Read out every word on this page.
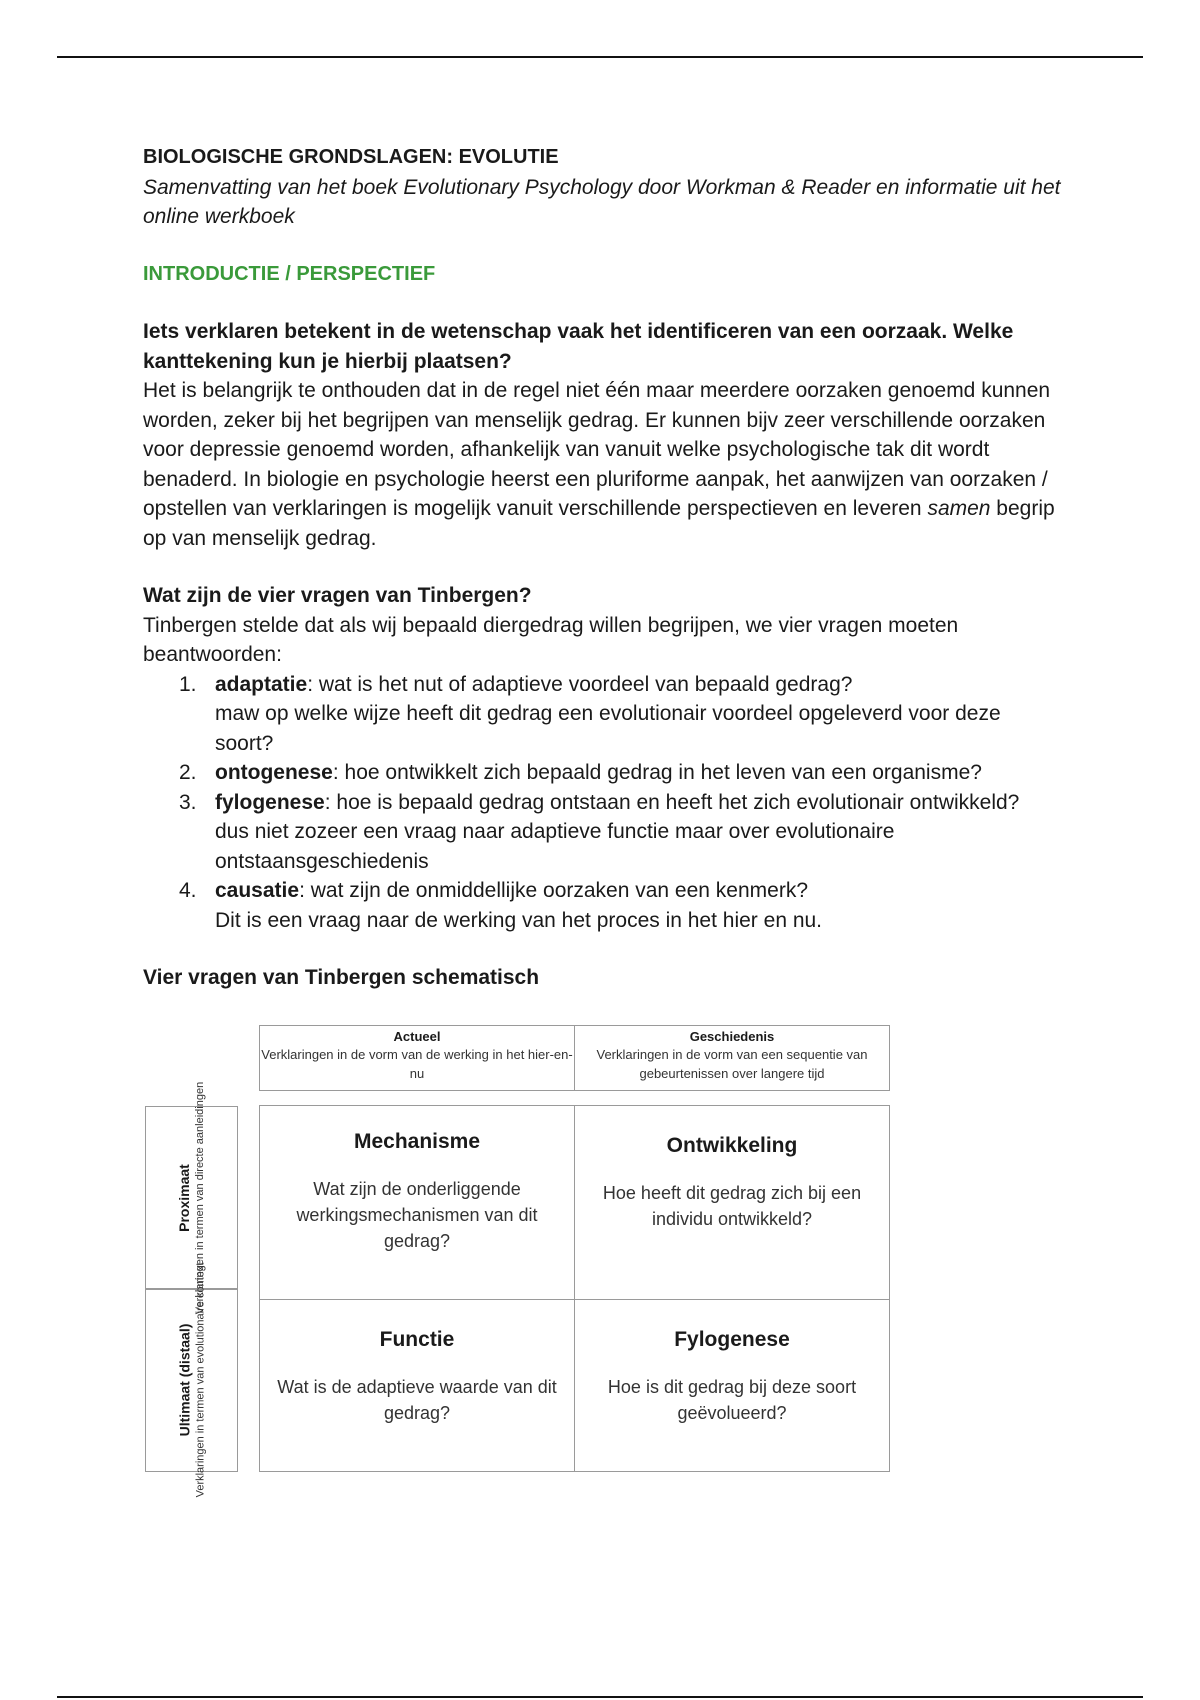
BIOLOGISCHE GRONDSLAGEN: EVOLUTIE

Samenvatting van het boek Evolutionary Psychology door Workman & Reader en informatie uit het online werkboek

INTRODUCTIE / PERSPECTIEF

Iets verklaren betekent in de wetenschap vaak het identificeren van een oorzaak. Welke kanttekening kun je hierbij plaatsen?

Het is belangrijk te onthouden dat in de regel niet één maar meerdere oorzaken genoemd kunnen worden, zeker bij het begrijpen van menselijk gedrag. Er kunnen bijv zeer verschillende oorzaken voor depressie genoemd worden, afhankelijk van vanuit welke psychologische tak dit wordt benaderd. In biologie en psychologie heerst een pluriforme aanpak, het aanwijzen van oorzaken / opstellen van verklaringen is mogelijk vanuit verschillende perspectieven en leveren samen begrip op van menselijk gedrag.

Wat zijn de vier vragen van Tinbergen?

Tinbergen stelde dat als wij bepaald diergedrag willen begrijpen, we vier vragen moeten beantwoorden:

1. adaptatie: wat is het nut of adaptieve voordeel van bepaald gedrag?
maw op welke wijze heeft dit gedrag een evolutionair voordeel opgeleverd voor deze soort?
2. ontogenese: hoe ontwikkelt zich bepaald gedrag in het leven van een organisme?
3. fylogenese: hoe is bepaald gedrag ontstaan en heeft het zich evolutionair ontwikkeld?
dus niet zozeer een vraag naar adaptieve functie maar over evolutionaire ontstaansgeschiedenis
4. causatie: wat zijn de onmiddellijke oorzaken van een kenmerk?
Dit is een vraag naar de werking van het proces in het hier en nu.

Vier vragen van Tinbergen schematisch

Actueel
Verklaringen in de vorm van de werking in het hier-en-nu
Geschiedenis
Verklaringen in de vorm van een sequentie van gebeurtenissen over langere tijd
Proximaat Verklaringen in termen van directe aanleidingen
Ultimaat (distaal) Verklaringen in termen van evolutionaire context
Mechanisme
Wat zijn de onderliggende werkingsmechanismen van dit gedrag?
Ontwikkeling
Hoe heeft dit gedrag zich bij een individu ontwikkeld?
Functie
Wat is de adaptieve waarde van dit gedrag?
Fylogenese
Hoe is dit gedrag bij deze soort geëvolueerd?
